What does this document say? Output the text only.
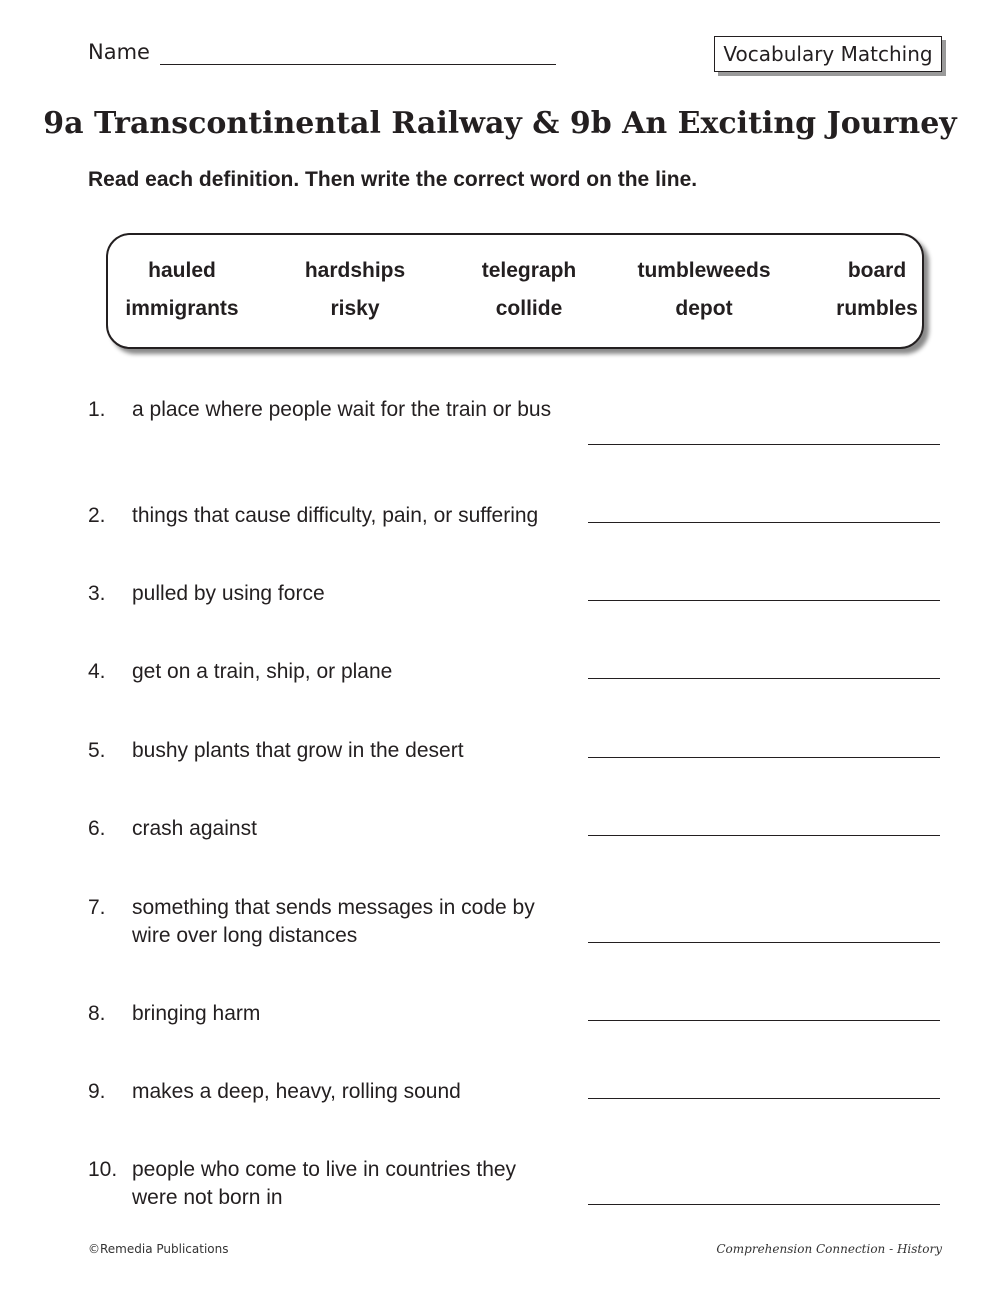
Name	Vocabulary Matching
9a Transcontinental Railway & 9b An Exciting Journey
Read each definition. Then write the correct word on the line.
hauled	hardships	telegraph	tumbleweeds	board
immigrants	risky	collide	depot	rumbles
1. a place where people wait for the train or bus
2. things that cause difficulty, pain, or suffering
3. pulled by using force
4. get on a train, ship, or plane
5. bushy plants that grow in the desert
6. crash against
7. something that sends messages in code by wire over long distances
8. bringing harm
9. makes a deep, heavy, rolling sound
10. people who come to live in countries they were not born in
©Remedia Publications	Comprehension Connection - History
